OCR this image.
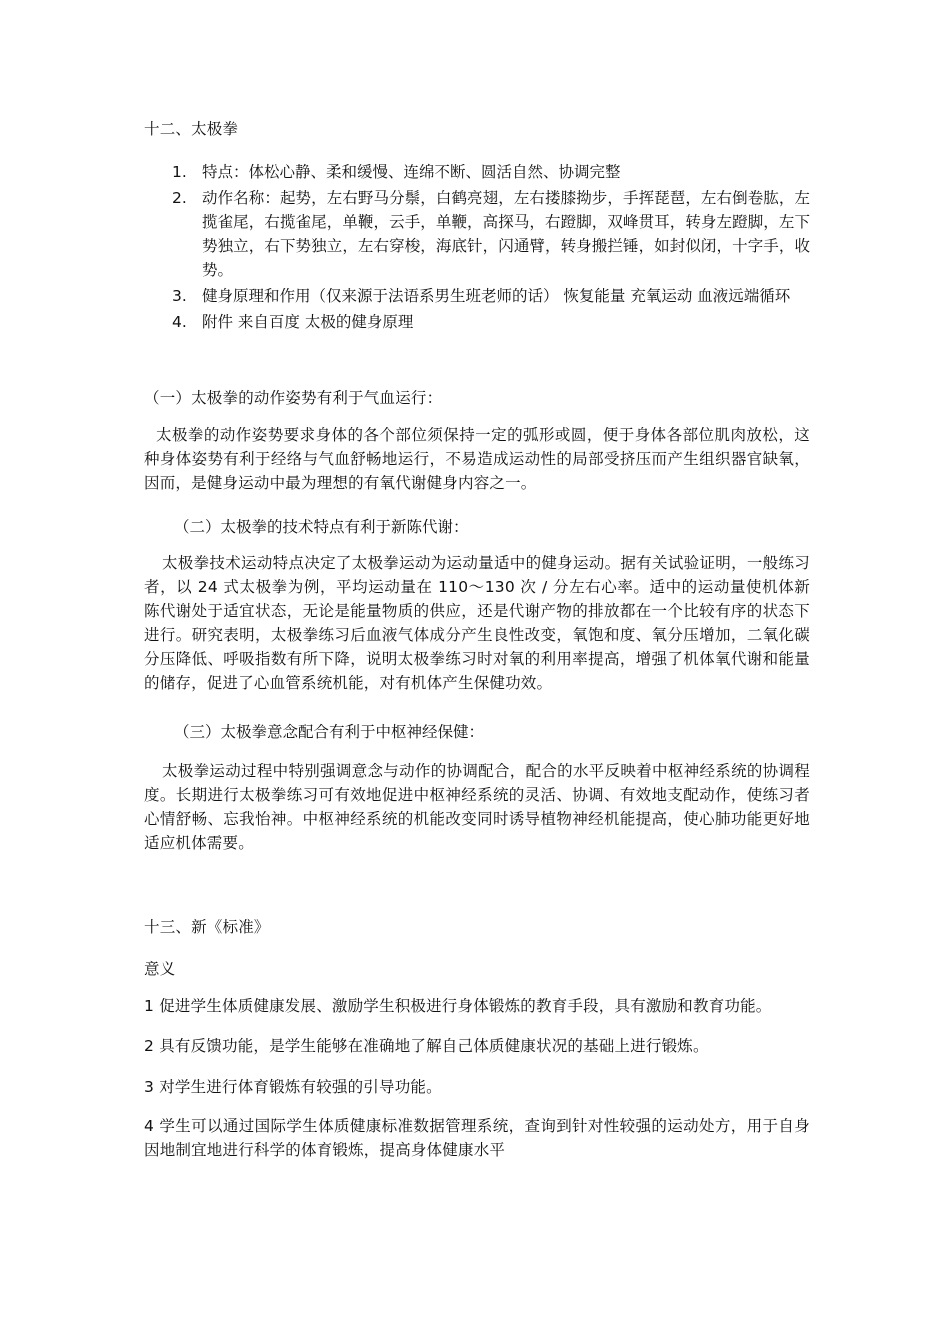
十二、太极拳

1. 特点：体松心静、柔和缓慢、连绵不断、圆活自然、协调完整
2. 动作名称：起势，左右野马分鬃，白鹤亮翅，左右搂膝拗步，手挥琵琶，左右倒卷肱，左揽雀尾，右揽雀尾，单鞭，云手，单鞭，高探马，右蹬脚，双峰贯耳，转身左蹬脚，左下势独立，右下势独立，左右穿梭，海底针，闪通臂，转身搬拦锤，如封似闭，十字手，收势。
3. 健身原理和作用（仅来源于法语系男生班老师的话） 恢复能量 充氧运动 血液远端循环
4. 附件 来自百度 太极的健身原理

（一）太极拳的动作姿势有利于气血运行：

太极拳的动作姿势要求身体的各个部位须保持一定的弧形或圆，便于身体各部位肌肉放松，这种身体姿势有利于经络与气血舒畅地运行，不易造成运动性的局部受挤压而产生组织器官缺氧，因而，是健身运动中最为理想的有氧代谢健身内容之一。

（二）太极拳的技术特点有利于新陈代谢：

太极拳技术运动特点决定了太极拳运动为运动量适中的健身运动。据有关试验证明，一般练习者，以 24 式太极拳为例，平均运动量在 110～130 次 / 分左右心率。适中的运动量使机体新陈代谢处于适宜状态，无论是能量物质的供应，还是代谢产物的排放都在一个比较有序的状态下进行。研究表明，太极拳练习后血液气体成分产生良性改变，氧饱和度、氧分压增加，二氧化碳分压降低、呼吸指数有所下降，说明太极拳练习时对氧的利用率提高，增强了机体氧代谢和能量的储存，促进了心血管系统机能，对有机体产生保健功效。

（三）太极拳意念配合有利于中枢神经保健：

太极拳运动过程中特别强调意念与动作的协调配合，配合的水平反映着中枢神经系统的协调程度。长期进行太极拳练习可有效地促进中枢神经系统的灵活、协调、有效地支配动作，使练习者心情舒畅、忘我怡神。中枢神经系统的机能改变同时诱导植物神经机能提高，使心肺功能更好地适应机体需要。

十三、新《标准》

意义

1 促进学生体质健康发展、激励学生积极进行身体锻炼的教育手段，具有激励和教育功能。

2 具有反馈功能，是学生能够在准确地了解自己体质健康状况的基础上进行锻炼。

3 对学生进行体育锻炼有较强的引导功能。

4 学生可以通过国际学生体质健康标准数据管理系统，查询到针对性较强的运动处方，用于自身因地制宜地进行科学的体育锻炼，提高身体健康水平
